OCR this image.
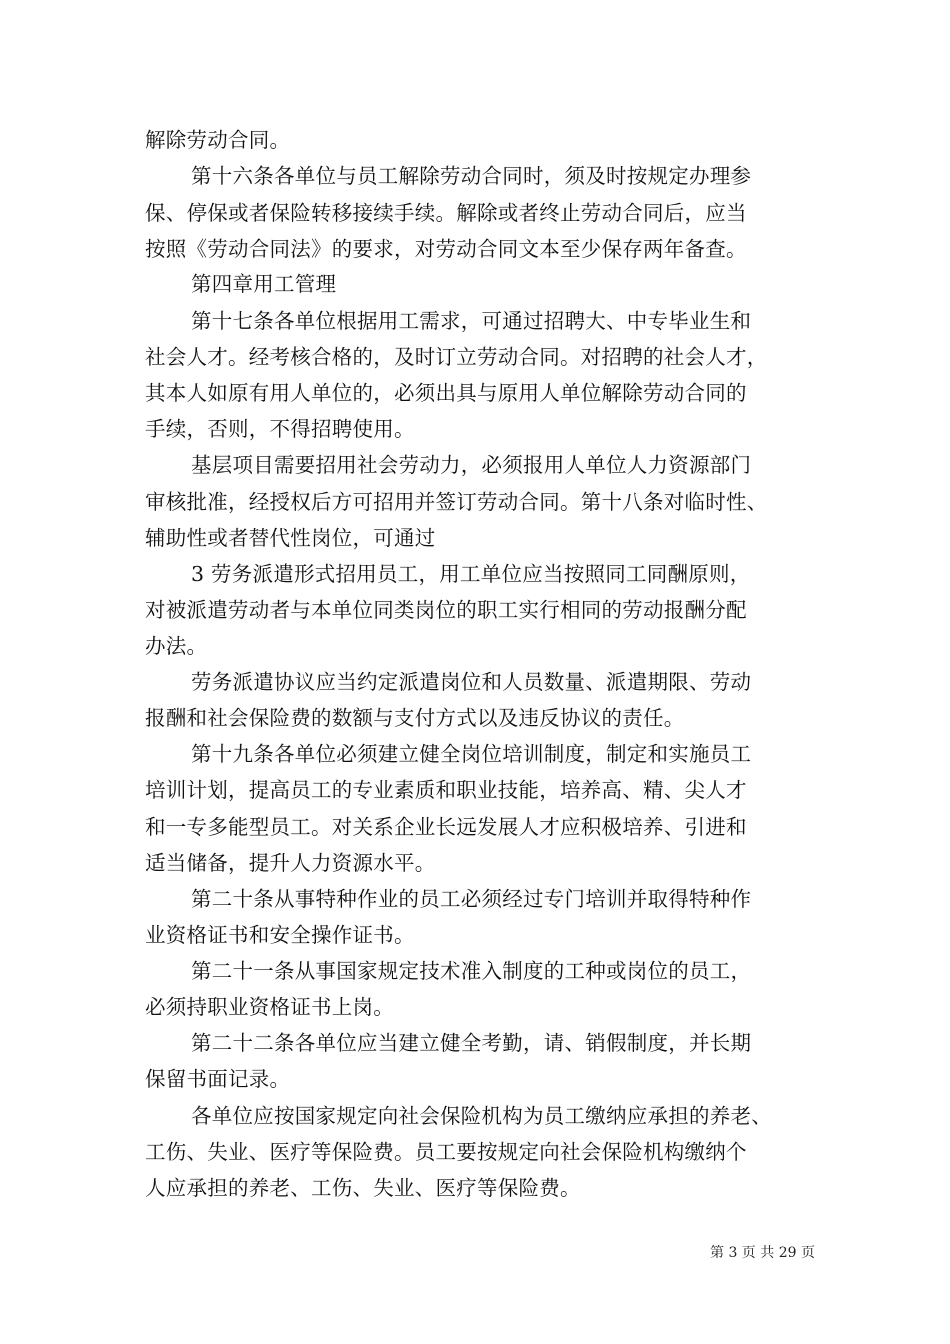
解除劳动合同。
第十六条各单位与员工解除劳动合同时，须及时按规定办理参
保、停保或者保险转移接续手续。解除或者终止劳动合同后，应当
按照《劳动合同法》的要求，对劳动合同文本至少保存两年备查。
第四章用工管理
第十七条各单位根据用工需求，可通过招聘大、中专毕业生和
社会人才。经考核合格的，及时订立劳动合同。对招聘的社会人才，
其本人如原有用人单位的，必须出具与原用人单位解除劳动合同的
手续，否则，不得招聘使用。
基层项目需要招用社会劳动力，必须报用人单位人力资源部门
审核批准，经授权后方可招用并签订劳动合同。第十八条对临时性、
辅助性或者替代性岗位，可通过
3 劳务派遣形式招用员工，用工单位应当按照同工同酬原则，
对被派遣劳动者与本单位同类岗位的职工实行相同的劳动报酬分配
办法。
劳务派遣协议应当约定派遣岗位和人员数量、派遣期限、劳动
报酬和社会保险费的数额与支付方式以及违反协议的责任。
第十九条各单位必须建立健全岗位培训制度，制定和实施员工
培训计划，提高员工的专业素质和职业技能，培养高、精、尖人才
和一专多能型员工。对关系企业长远发展人才应积极培养、引进和
适当储备，提升人力资源水平。
第二十条从事特种作业的员工必须经过专门培训并取得特种作
业资格证书和安全操作证书。
第二十一条从事国家规定技术准入制度的工种或岗位的员工，
必须持职业资格证书上岗。
第二十二条各单位应当建立健全考勤，请、销假制度，并长期
保留书面记录。
各单位应按国家规定向社会保险机构为员工缴纳应承担的养老、
工伤、失业、医疗等保险费。员工要按规定向社会保险机构缴纳个
人应承担的养老、工伤、失业、医疗等保险费。
第 3 页 共 29 页
